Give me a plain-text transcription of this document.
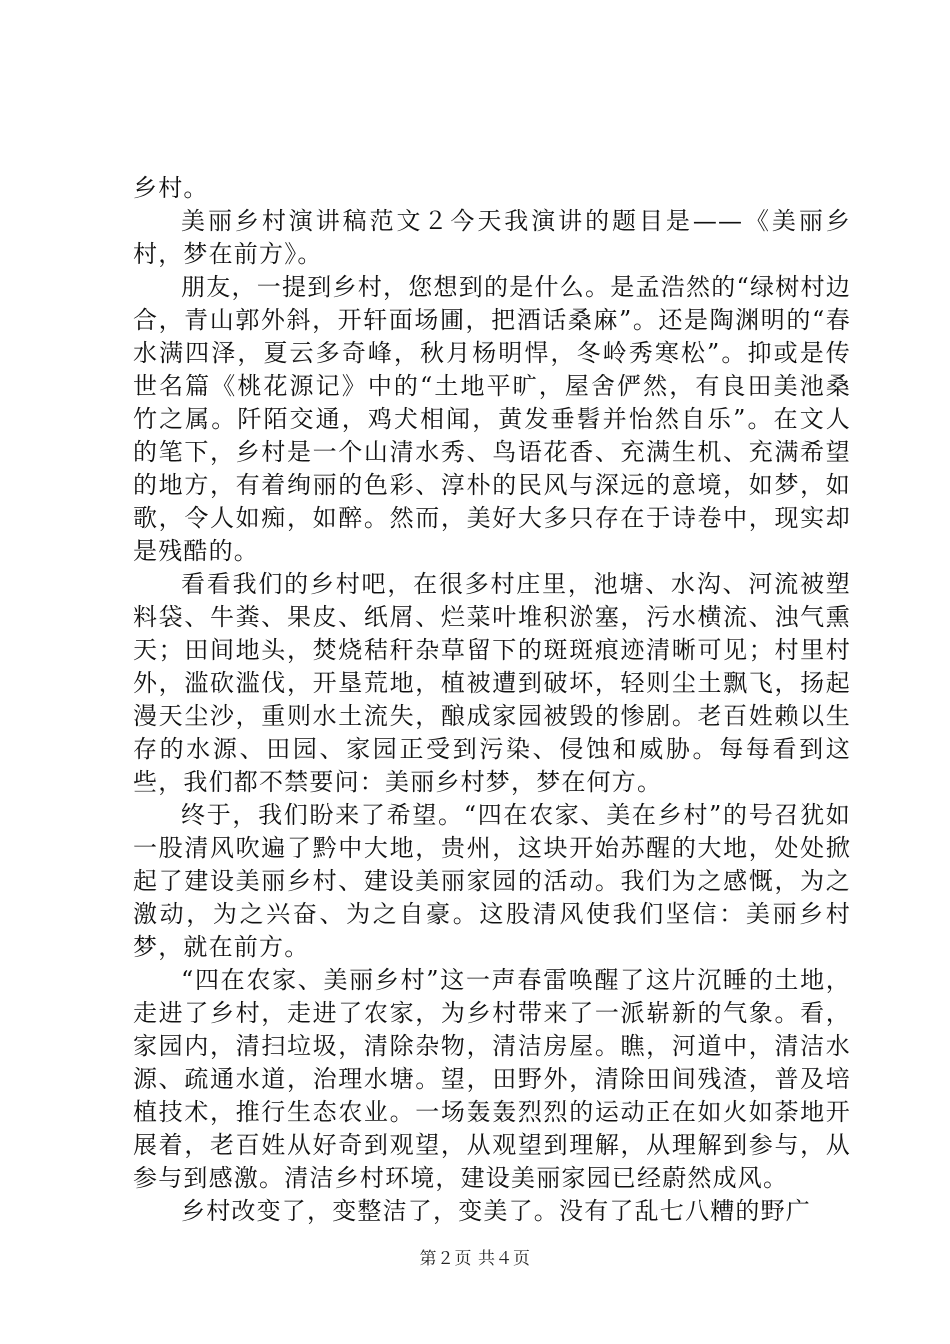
乡村。

美丽乡村演讲稿范文２今天我演讲的题目是——《美丽乡村，梦在前方》。

朋友，一提到乡村，您想到的是什么。是孟浩然的“绿树村边合，青山郭外斜，开轩面场圃，把酒话桑麻”。还是陶渊明的“春水满四泽，夏云多奇峰，秋月杨明悍，冬岭秀寒松”。抑或是传世名篇《桃花源记》中的“土地平旷，屋舍俨然，有良田美池桑竹之属。阡陌交通，鸡犬相闻，黄发垂髫并怡然自乐”。在文人的笔下，乡村是一个山清水秀、鸟语花香、充满生机、充满希望的地方，有着绚丽的色彩、淳朴的民风与深远的意境，如梦，如歌，令人如痴，如醉。然而，美好大多只存在于诗卷中，现实却是残酷的。

看看我们的乡村吧，在很多村庄里，池塘、水沟、河流被塑料袋、牛粪、果皮、纸屑、烂菜叶堆积淤塞，污水横流、浊气熏天；田间地头，焚烧秸秆杂草留下的斑斑痕迹清晰可见；村里村外，滥砍滥伐，开垦荒地，植被遭到破坏，轻则尘土飘飞，扬起漫天尘沙，重则水土流失，酿成家园被毁的惨剧。老百姓赖以生存的水源、田园、家园正受到污染、侵蚀和威胁。每每看到这些，我们都不禁要问：美丽乡村梦，梦在何方。

终于，我们盼来了希望。“四在农家、美在乡村”的号召犹如一股清风吹遍了黔中大地，贵州，这块开始苏醒的大地，处处掀起了建设美丽乡村、建设美丽家园的活动。我们为之感慨，为之激动，为之兴奋、为之自豪。这股清风使我们坚信：美丽乡村梦，就在前方。

“四在农家、美丽乡村”这一声春雷唤醒了这片沉睡的土地，走进了乡村，走进了农家，为乡村带来了一派崭新的气象。看，家园内，清扫垃圾，清除杂物，清洁房屋。瞧，河道中，清洁水源、疏通水道，治理水塘。望，田野外，清除田间残渣，普及培植技术，推行生态农业。一场轰轰烈烈的运动正在如火如荼地开展着，老百姓从好奇到观望，从观望到理解，从理解到参与，从参与到感激。清洁乡村环境，建设美丽家园已经蔚然成风。

乡村改变了，变整洁了，变美了。没有了乱七八糟的野广

第２页 共４页
